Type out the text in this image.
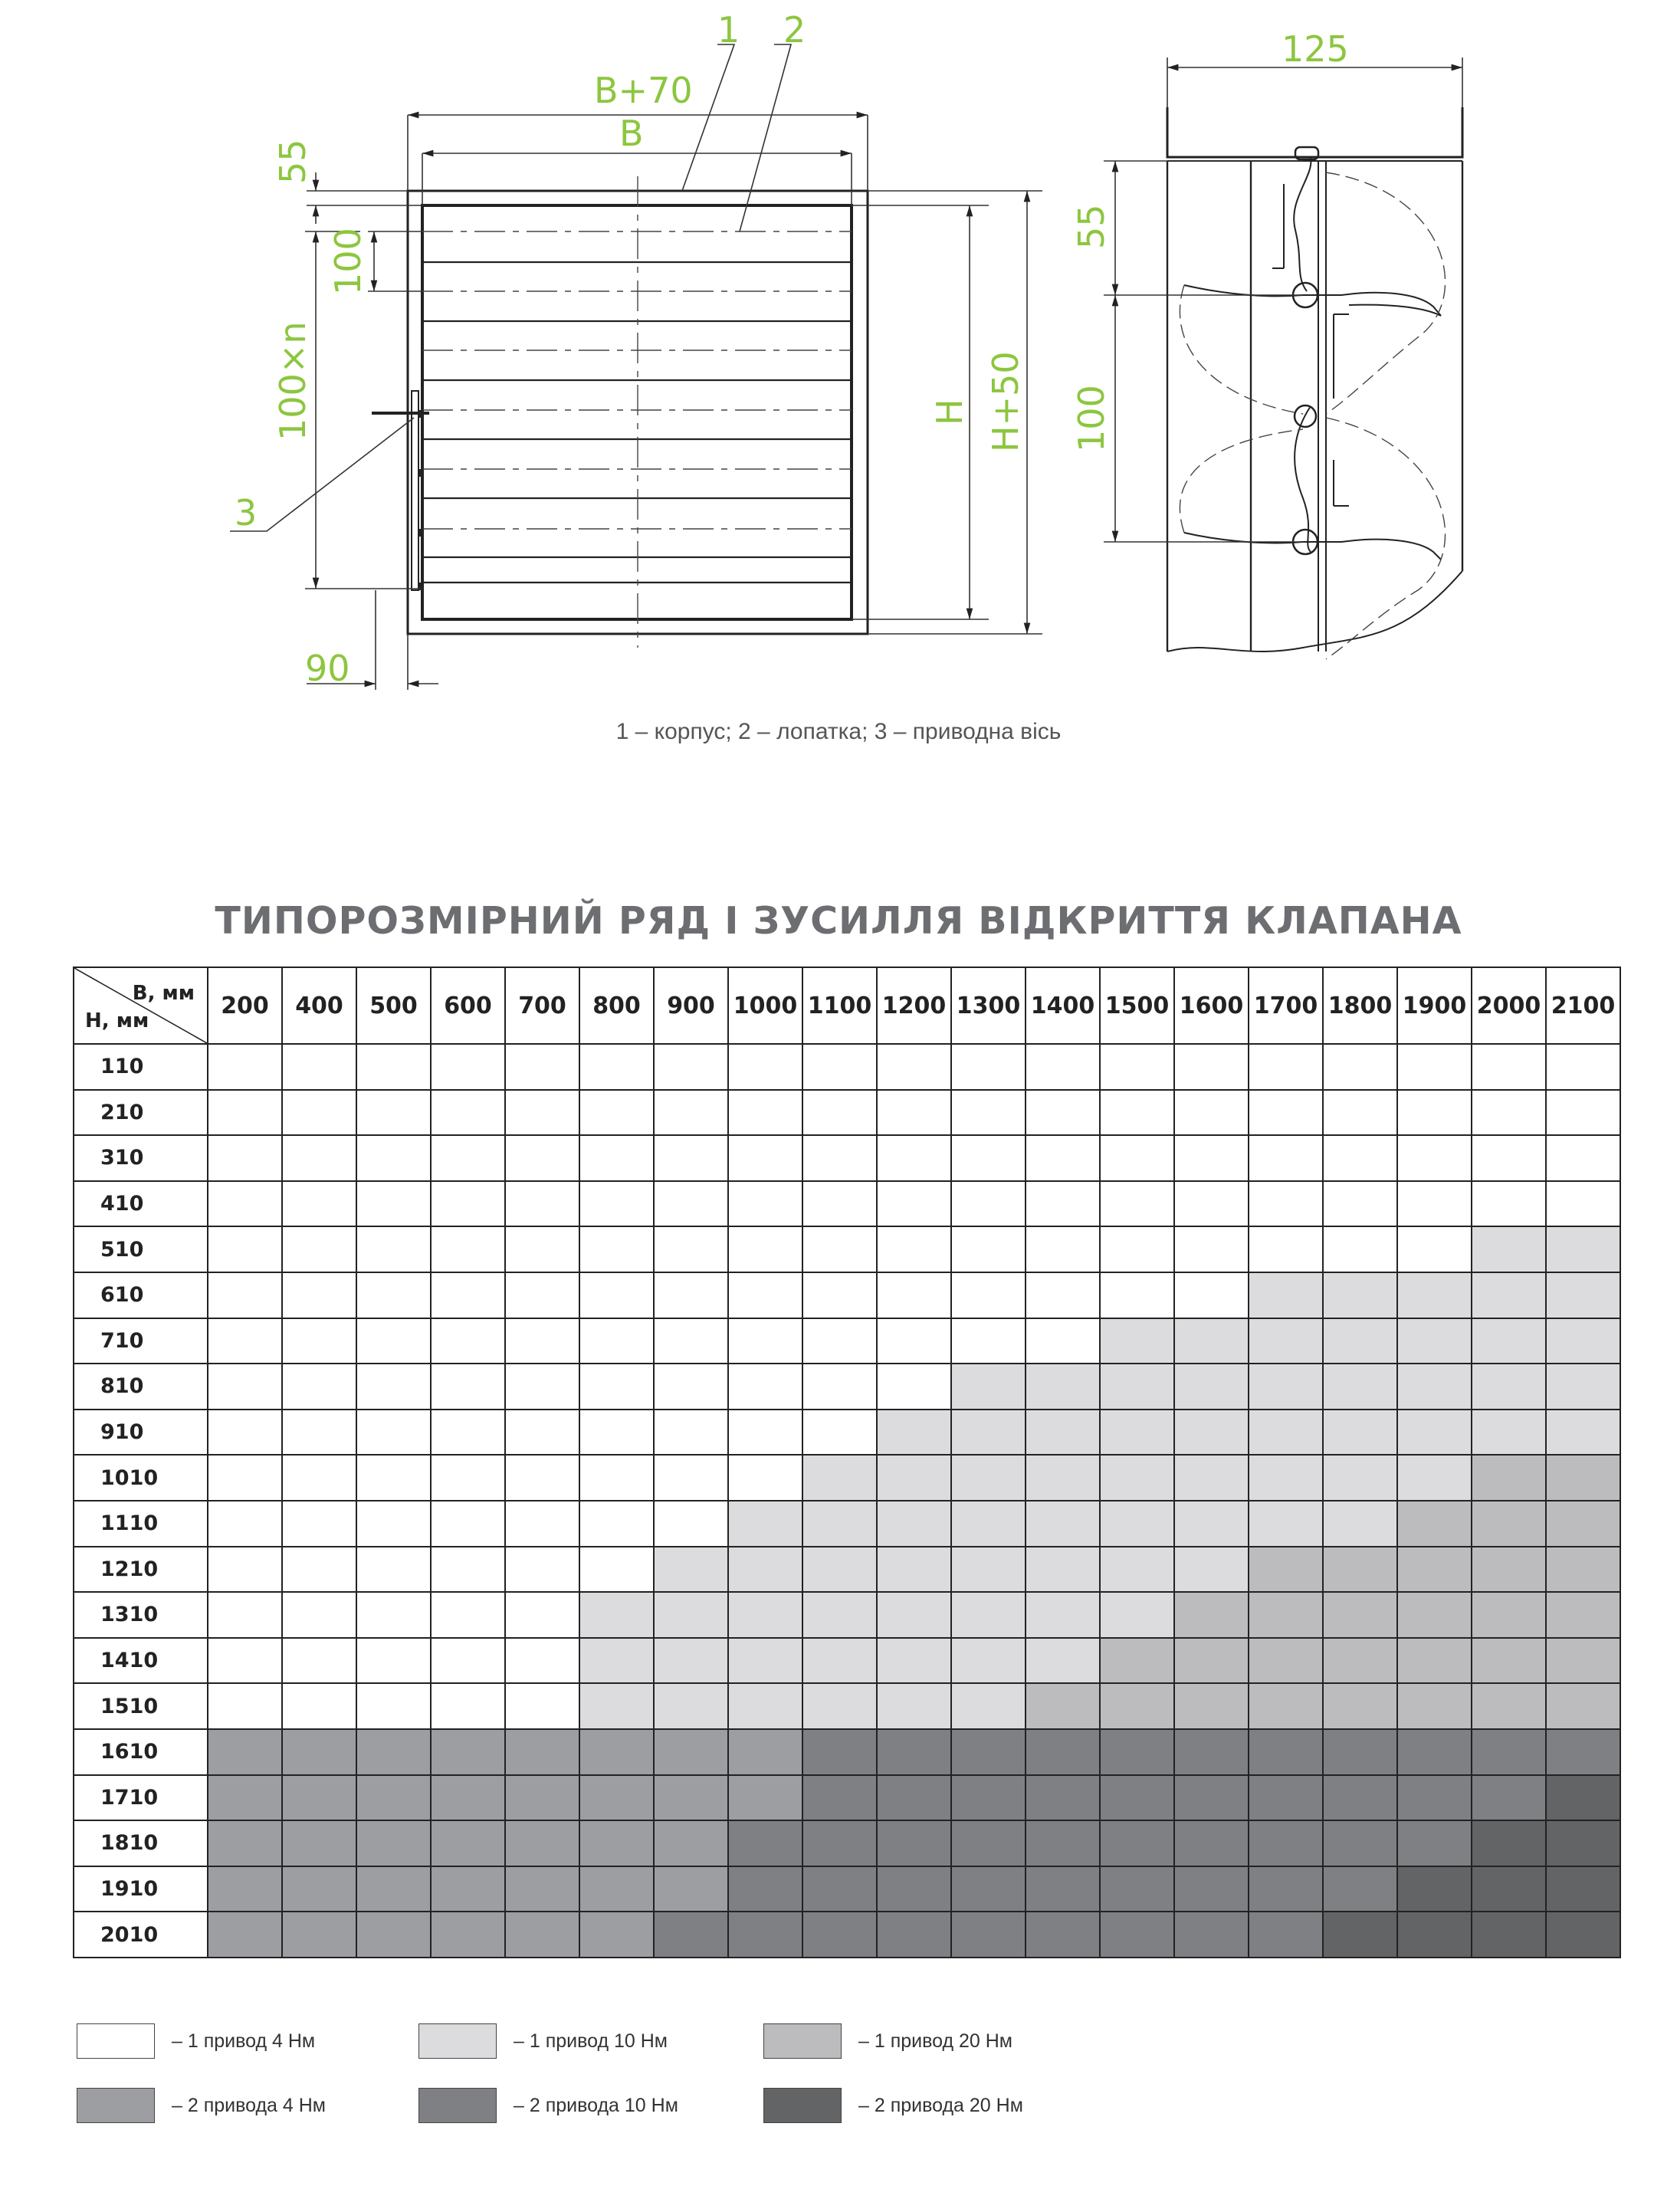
1 2
B+70
B
55
100
100×n
3
90
H H+50
125
55
100
1 – корпус; 2 – лопатка; 3 – приводна вісь
ТИПОРОЗМІРНИЙ РЯД І ЗУСИЛЛЯ ВІДКРИТТЯ КЛАПАНА
B, мм
H, мм	200	400	500	600	700	800	900	1000	1100	1200	1300	1400	1500	1600	1700	1800	1900	2000	2100
110																			
210																			
310																			
410																			
510																			
610																			
710																			
810																			
910																			
1010																			
1110																			
1210																			
1310																			
1410																			
1510																			
1610																			
1710																			
1810																			
1910																			
2010																			
– 1 привод 4 Нм	– 1 привод 10 Нм	– 1 привод 20 Нм
– 2 привода 4 Нм	– 2 привода 10 Нм	– 2 привода 20 Нм
